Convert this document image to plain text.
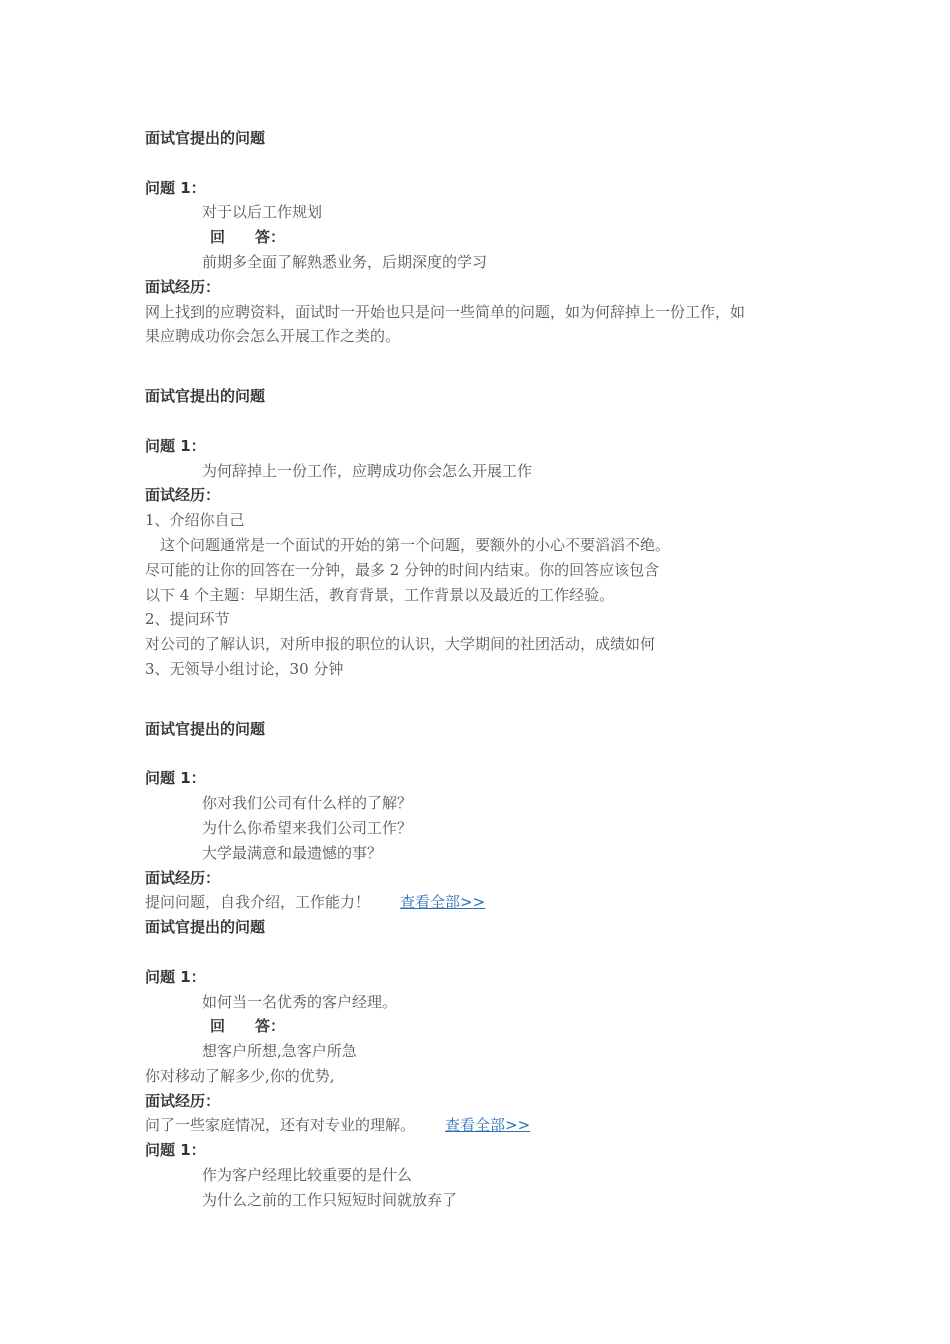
面试官提出的问题
问题 1：
对于以后工作规划
回　　答：
前期多全面了解熟悉业务，后期深度的学习
面试经历：
网上找到的应聘资料，面试时一开始也只是问一些简单的问题，如为何辞掉上一份工作，如
果应聘成功你会怎么开展工作之类的。
面试官提出的问题
问题 1：
为何辞掉上一份工作，应聘成功你会怎么开展工作
面试经历：
1、介绍你自己
这个问题通常是一个面试的开始的第一个问题，要额外的小心不要滔滔不绝。
尽可能的让你的回答在一分钟，最多 2 分钟的时间内结束。你的回答应该包含
以下 4 个主题：早期生活，教育背景，工作背景以及最近的工作经验。
2、提问环节
对公司的了解认识，对所申报的职位的认识，大学期间的社团活动，成绩如何
3、无领导小组讨论，30 分钟
面试官提出的问题
问题 1：
你对我们公司有什么样的了解？
为什么你希望来我们公司工作？
大学最满意和最遗憾的事？
面试经历：
提问问题，自我介绍，工作能力！ 查看全部>>
面试官提出的问题
问题 1：
如何当一名优秀的客户经理。
回　　答：
想客户所想,急客户所急
你对移动了解多少,你的优势,
面试经历：
问了一些家庭情况，还有对专业的理解。 查看全部>>
问题 1：
作为客户经理比较重要的是什么
为什么之前的工作只短短时间就放弃了
